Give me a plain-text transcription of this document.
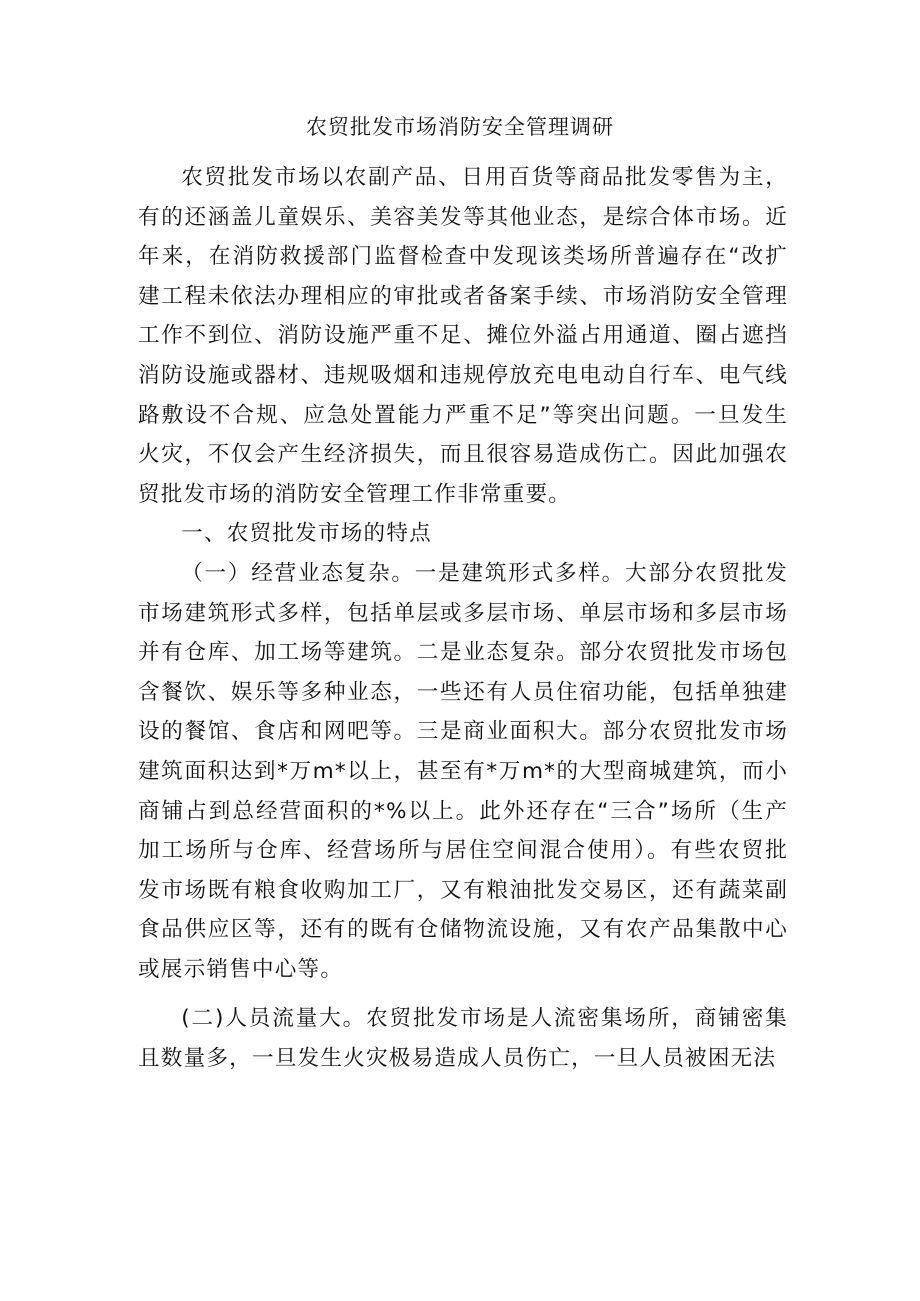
农贸批发市场消防安全管理调研

农贸批发市场以农副产品、日用百货等商品批发零售为主，有的还涵盖儿童娱乐、美容美发等其他业态，是综合体市场。近年来，在消防救援部门监督检查中发现该类场所普遍存在“改扩建工程未依法办理相应的审批或者备案手续、市场消防安全管理工作不到位、消防设施严重不足、摊位外溢占用通道、圈占遮挡消防设施或器材、违规吸烟和违规停放充电电动自行车、电气线路敷设不合规、应急处置能力严重不足”等突出问题。一旦发生火灾，不仅会产生经济损失，而且很容易造成伤亡。因此加强农贸批发市场的消防安全管理工作非常重要。

一、农贸批发市场的特点

（一）经营业态复杂。一是建筑形式多样。大部分农贸批发市场建筑形式多样，包括单层或多层市场、单层市场和多层市场并有仓库、加工场等建筑。二是业态复杂。部分农贸批发市场包含餐饮、娱乐等多种业态，一些还有人员住宿功能，包括单独建设的餐馆、食店和网吧等。三是商业面积大。部分农贸批发市场建筑面积达到*万m*以上，甚至有*万m*的大型商城建筑，而小商铺占到总经营面积的*%以上。此外还存在“三合”场所（生产加工场所与仓库、经营场所与居住空间混合使用）。有些农贸批发市场既有粮食收购加工厂，又有粮油批发交易区，还有蔬菜副食品供应区等，还有的既有仓储物流设施，又有农产品集散中心或展示销售中心等。

(二)人员流量大。农贸批发市场是人流密集场所，商铺密集且数量多，一旦发生火灾极易造成人员伤亡，一旦人员被困无法
